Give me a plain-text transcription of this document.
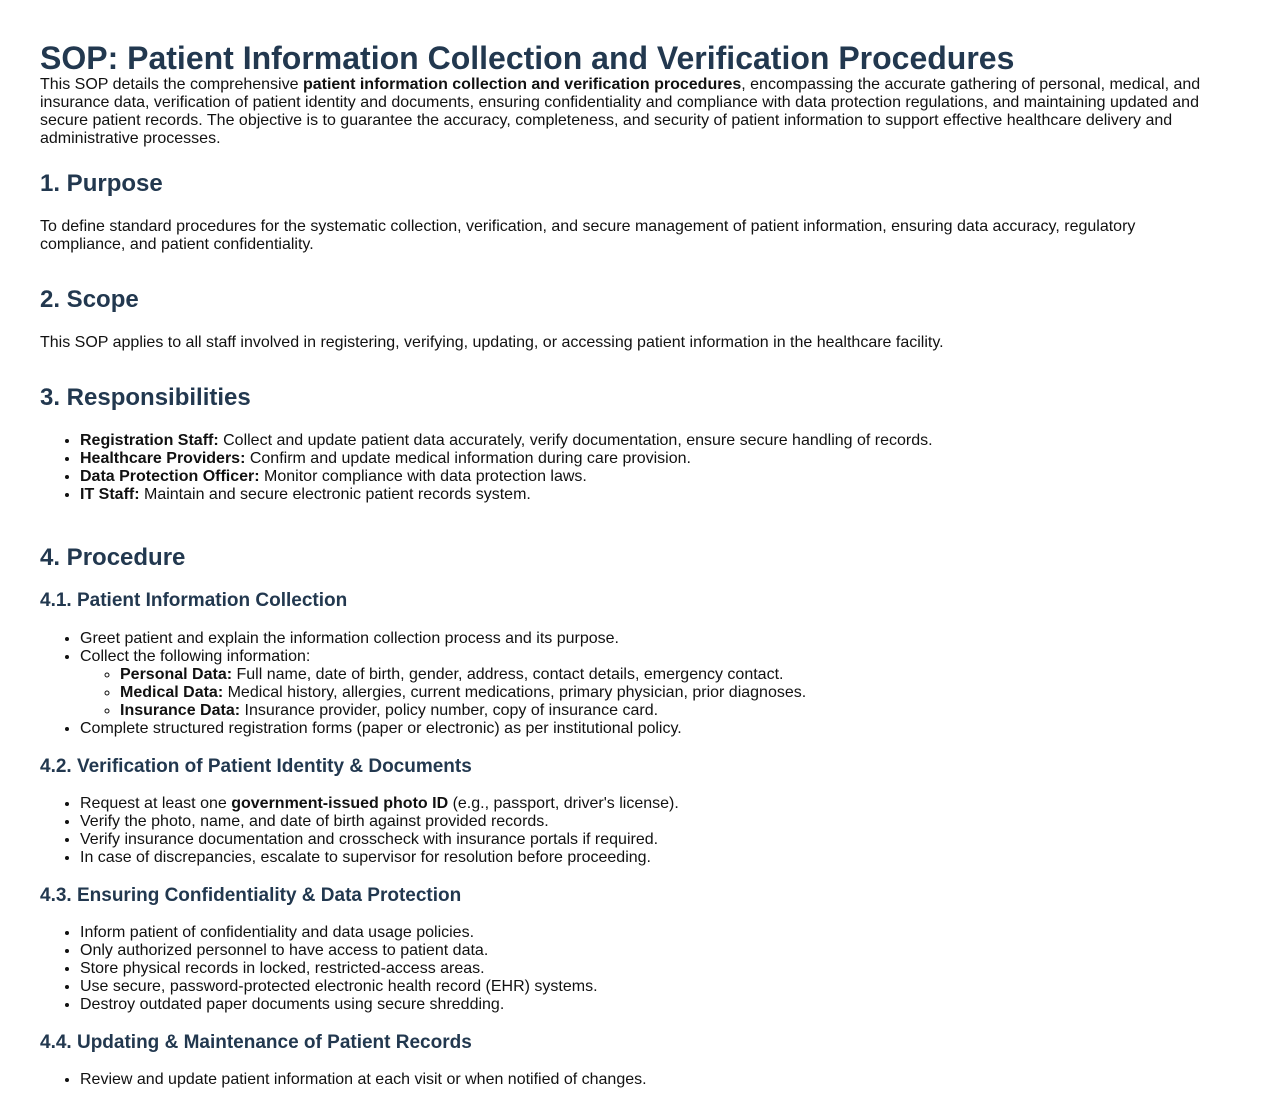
SOP: Patient Information Collection and Verification Procedures

This SOP details the comprehensive patient information collection and verification procedures, encompassing the accurate gathering of personal, medical, and insurance data, verification of patient identity and documents, ensuring confidentiality and compliance with data protection regulations, and maintaining updated and secure patient records. The objective is to guarantee the accuracy, completeness, and security of patient information to support effective healthcare delivery and administrative processes.

1. Purpose

To define standard procedures for the systematic collection, verification, and secure management of patient information, ensuring data accuracy, regulatory compliance, and patient confidentiality.

2. Scope

This SOP applies to all staff involved in registering, verifying, updating, or accessing patient information in the healthcare facility.

3. Responsibilities
• Registration Staff: Collect and update patient data accurately, verify documentation, ensure secure handling of records.
• Healthcare Providers: Confirm and update medical information during care provision.
• Data Protection Officer: Monitor compliance with data protection laws.
• IT Staff: Maintain and secure electronic patient records system.
4. Procedure
4.1. Patient Information Collection
• Greet patient and explain the information collection process and its purpose.
• Collect the following information:
◦ Personal Data: Full name, date of birth, gender, address, contact details, emergency contact.
◦ Medical Data: Medical history, allergies, current medications, primary physician, prior diagnoses.
◦ Insurance Data: Insurance provider, policy number, copy of insurance card.
• Complete structured registration forms (paper or electronic) as per institutional policy.
4.2. Verification of Patient Identity & Documents
• Request at least one government-issued photo ID (e.g., passport, driver's license).
• Verify the photo, name, and date of birth against provided records.
• Verify insurance documentation and crosscheck with insurance portals if required.
• In case of discrepancies, escalate to supervisor for resolution before proceeding.
4.3. Ensuring Confidentiality & Data Protection
• Inform patient of confidentiality and data usage policies.
• Only authorized personnel to have access to patient data.
• Store physical records in locked, restricted-access areas.
• Use secure, password-protected electronic health record (EHR) systems.
• Destroy outdated paper documents using secure shredding.
4.4. Updating & Maintenance of Patient Records
• Review and update patient information at each visit or when notified of changes.
